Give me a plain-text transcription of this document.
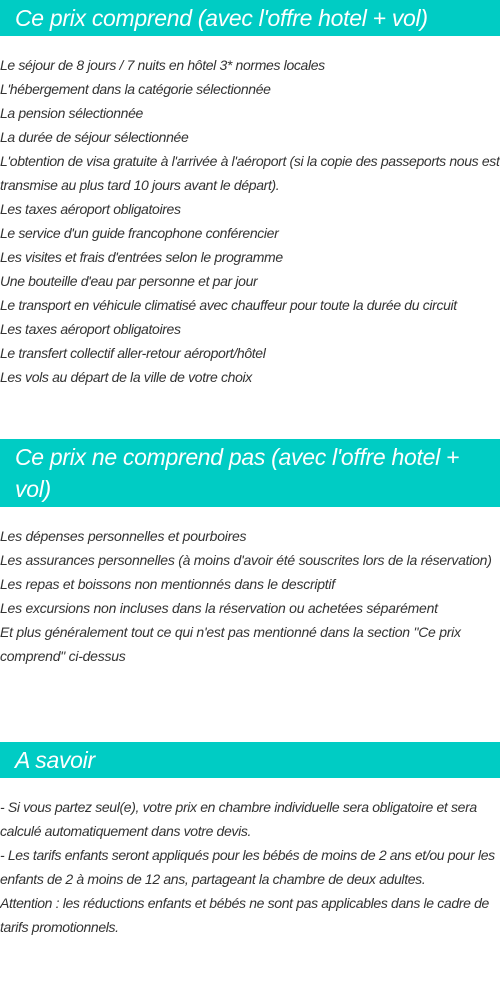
Ce prix comprend (avec l'offre hotel + vol)
Le séjour de 8 jours / 7 nuits en hôtel 3* normes locales
L'hébergement dans la catégorie sélectionnée
La pension sélectionnée
La durée de séjour sélectionnée
L'obtention de visa gratuite à l'arrivée à l'aéroport (si la copie des passeports nous est transmise au plus tard 10 jours avant le départ).
Les taxes aéroport obligatoires
Le service d'un guide francophone conférencier
Les visites et frais d'entrées selon le programme
Une bouteille d'eau par personne et par jour
Le transport en véhicule climatisé avec chauffeur pour toute la durée du circuit
Les taxes aéroport obligatoires
Le transfert collectif aller-retour aéroport/hôtel
Les vols au départ de la ville de votre choix
Ce prix ne comprend pas (avec l'offre hotel + vol)
Les dépenses personnelles et pourboires
Les assurances personnelles (à moins d'avoir été souscrites lors de la réservation)
Les repas et boissons non mentionnés dans le descriptif
Les excursions non incluses dans la réservation ou achetées séparément
Et plus généralement tout ce qui n'est pas mentionné dans la section "Ce prix comprend" ci-dessus
A savoir
- Si vous partez seul(e), votre prix en chambre individuelle sera obligatoire et sera calculé automatiquement dans votre devis.
- Les tarifs enfants seront appliqués pour les bébés de moins de 2 ans et/ou pour les enfants de 2 à moins de 12 ans, partageant la chambre de deux adultes.
Attention : les réductions enfants et bébés ne sont pas applicables dans le cadre de tarifs promotionnels.
